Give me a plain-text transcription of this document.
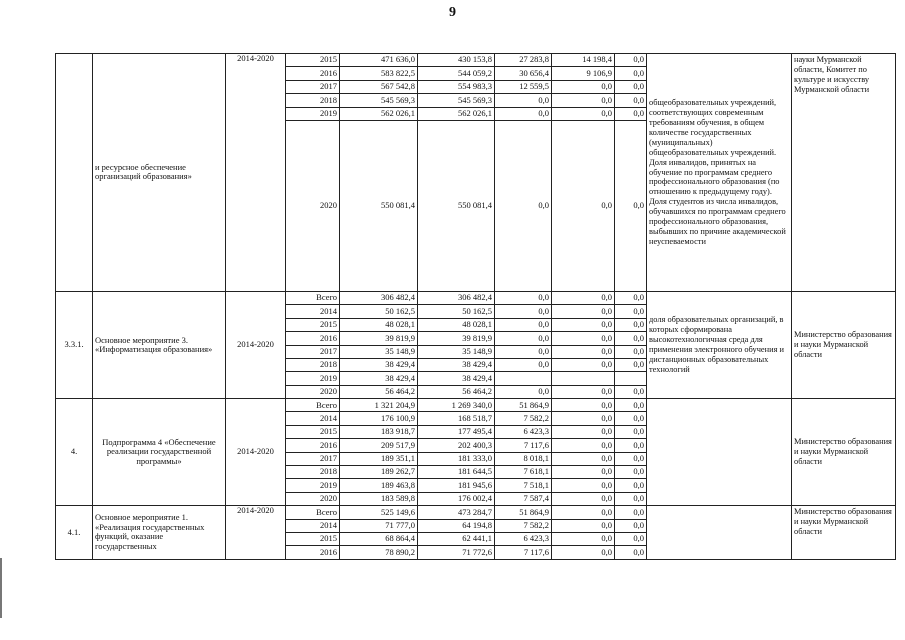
9
	и ресурсное обеспечение организаций образования»	2014-2020	2015	471 636,0	430 153,8	27 283,8	14 198,4	0,0	общеобразовательных учреждений, соответствующих современным требованиям обучения, в общем количестве государственных (муниципальных) общеобразовательных учреждений.
Доля инвалидов, принятых на обучение по программам среднего профессионального образования (по отношению к предыдущему году).
Доля студентов из числа инвалидов, обучавшихся по программам среднего профессионального образования, выбывших по причине академической неуспеваемости	науки Мурманской области, Комитет по культуре и искусству Мурманской области
			2016	583 822,5	544 059,2	30 656,4	9 106,9	0,0		
			2017	567 542,8	554 983,3	12 559,5	0,0	0,0		
			2018	545 569,3	545 569,3	0,0	0,0	0,0		
			2019	562 026,1	562 026,1	0,0	0,0	0,0		
			2020	550 081,4	550 081,4	0,0	0,0	0,0		
3.3.1.	Основное мероприятие 3. «Информатизация образования»	2014-2020	Всего	306 482,4	306 482,4	0,0	0,0	0,0	доля образовательных организаций, в которых сформирована высокотехнологичная среда для применения электронного обучения и дистанционных образовательных технологий	Министерство образования и науки Мурманской области
			2014	50 162,5	50 162,5	0,0	0,0	0,0		
			2015	48 028,1	48 028,1	0,0	0,0	0,0		
			2016	39 819,9	39 819,9	0,0	0,0	0,0		
			2017	35 148,9	35 148,9	0,0	0,0	0,0		
			2018	38 429,4	38 429,4	0,0	0,0	0,0		
			2019	38 429,4	38 429,4					
			2020	56 464,2	56 464,2	0,0	0,0	0,0		
4.	Подпрограмма 4 «Обеспечение реализации государственной программы»	2014-2020	Всего	1 321 204,9	1 269 340,0	51 864,9	0,0	0,0		Министерство образования и науки Мурманской области
			2014	176 100,9	168 518,7	7 582,2	0,0	0,0		
			2015	183 918,7	177 495,4	6 423,3	0,0	0,0		
			2016	209 517,9	202 400,3	7 117,6	0,0	0,0		
			2017	189 351,1	181 333,0	8 018,1	0,0	0,0		
			2018	189 262,7	181 644,5	7 618,1	0,0	0,0		
			2019	189 463,8	181 945,6	7 518,1	0,0	0,0		
			2020	183 589,8	176 002,4	7 587,4	0,0	0,0		
4.1.	Основное мероприятие 1. «Реализация государственных функций, оказание государственных	2014-2020	Всего	525 149,6	473 284,7	51 864,9	0,0	0,0		Министерство образования и науки Мурманской области
			2014	71 777,0	64 194,8	7 582,2	0,0	0,0		
			2015	68 864,4	62 441,1	6 423,3	0,0	0,0		
			2016	78 890,2	71 772,6	7 117,6	0,0	0,0		
